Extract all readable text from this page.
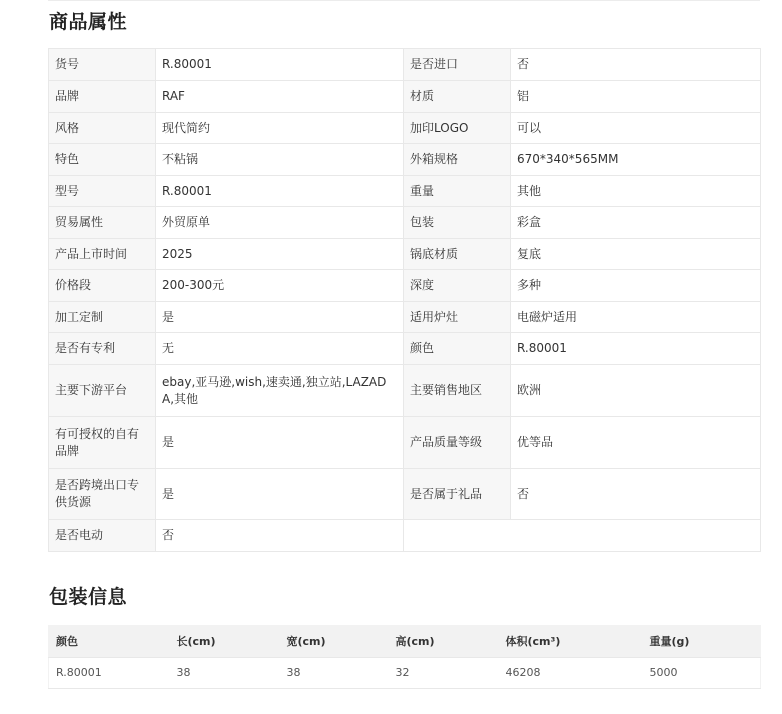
商品属性
货号	R.80001	是否进口	否
品牌	RAF	材质	铝
风格	现代简约	加印LOGO	可以
特色	不粘锅	外箱规格	670*340*565MM
型号	R.80001	重量	其他
贸易属性	外贸原单	包装	彩盒
产品上市时间	2025	锅底材质	复底
价格段	200-300元	深度	多种
加工定制	是	适用炉灶	电磁炉适用
是否有专利	无	颜色	R.80001
主要下游平台	ebay,亚马逊,wish,速卖通,独立站,LAZADA,其他	主要销售地区	欧洲
有可授权的自有品牌	是	产品质量等级	优等品
是否跨境出口专供货源	是	是否属于礼品	否
是否电动	否		
包装信息
颜色	长(cm)	宽(cm)	高(cm)	体积(cm³)	重量(g)
R.80001	38	38	32	46208	5000
